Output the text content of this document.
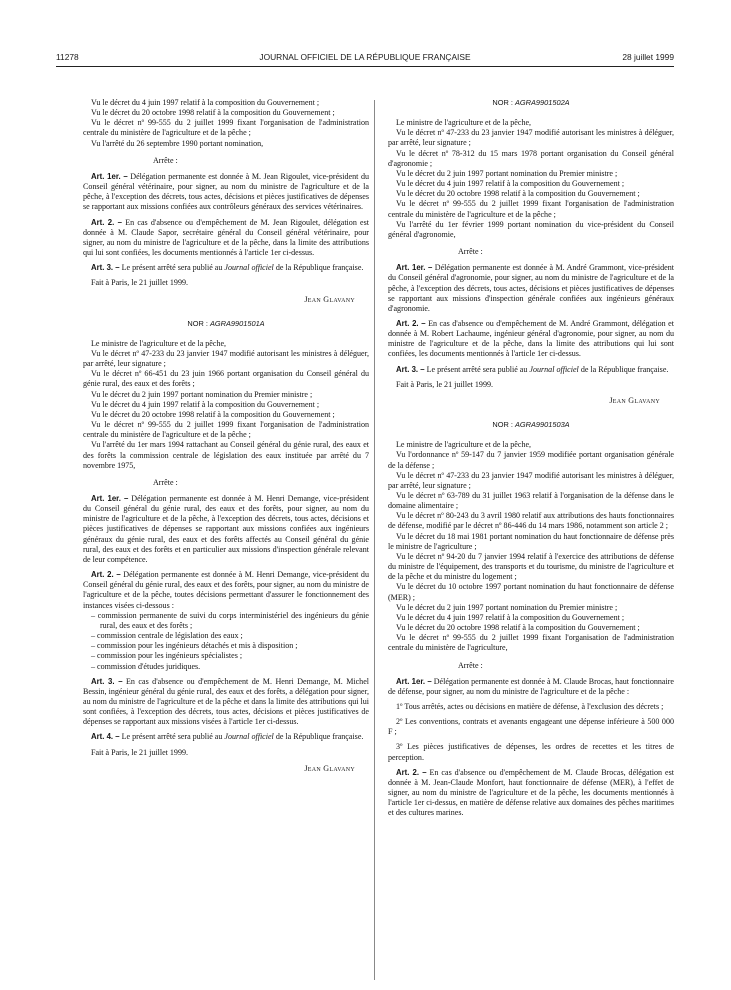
11278	JOURNAL OFFICIEL DE LA RÉPUBLIQUE FRANÇAISE	28 juillet 1999

Vu le décret du 4 juin 1997 relatif à la composition du Gouvernement ;

Vu le décret du 20 octobre 1998 relatif à la composition du Gouvernement ;

Vu le décret nº 99-555 du 2 juillet 1999 fixant l'organisation de l'administration centrale du ministère de l'agriculture et de la pêche ;

Vu l'arrêté du 26 septembre 1990 portant nomination,

Arrête :

Art. 1er. – Délégation permanente est donnée à M. Jean Rigoulet, vice-président du Conseil général vétérinaire, pour signer, au nom du ministre de l'agriculture et de la pêche, à l'exception des décrets, tous actes, décisions et pièces justificatives de dépenses se rapportant aux missions confiées aux contrôleurs généraux des services vétérinaires.

Art. 2. – En cas d'absence ou d'empêchement de M. Jean Rigoulet, délégation est donnée à M. Claude Sapor, secrétaire général du Conseil général vétérinaire, pour signer, au nom du ministre de l'agriculture et de la pêche, dans la limite des attributions qui lui sont confiées, les documents mentionnés à l'article 1er ci-dessus.

Art. 3. – Le présent arrêté sera publié au Journal officiel de la République française.

Fait à Paris, le 21 juillet 1999.

Jean Glavany

NOR : AGRA9901501A

Le ministre de l'agriculture et de la pêche,

Vu le décret nº 47-233 du 23 janvier 1947 modifié autorisant les ministres à déléguer, par arrêté, leur signature ;

Vu le décret nº 66-451 du 23 juin 1966 portant organisation du Conseil général du génie rural, des eaux et des forêts ;

Vu le décret du 2 juin 1997 portant nomination du Premier ministre ;

Vu le décret du 4 juin 1997 relatif à la composition du Gouvernement ;

Vu le décret du 20 octobre 1998 relatif à la composition du Gouvernement ;

Vu le décret nº 99-555 du 2 juillet 1999 fixant l'organisation de l'administration centrale du ministère de l'agriculture et de la pêche ;

Vu l'arrêté du 1er mars 1994 rattachant au Conseil général du génie rural, des eaux et des forêts la commission centrale de législation des eaux instituée par arrêté du 7 novembre 1975,

Arrête :

Art. 1er. – Délégation permanente est donnée à M. Henri Demange, vice-président du Conseil général du génie rural, des eaux et des forêts, pour signer, au nom du ministre de l'agriculture et de la pêche, à l'exception des décrets, tous actes, décisions et pièces justificatives de dépenses se rapportant aux missions confiées aux ingénieurs généraux du génie rural, des eaux et des forêts affectés au Conseil général du génie rural, des eaux et des forêts et en particulier aux missions d'inspection générale relevant de leur compétence.

Art. 2. – Délégation permanente est donnée à M. Henri Demange, vice-président du Conseil général du génie rural, des eaux et des forêts, pour signer, au nom du ministre de l'agriculture et de la pêche, toutes décisions permettant d'assurer le fonctionnement des instances visées ci-dessous :

– commission permanente de suivi du corps interministériel des ingénieurs du génie rural, des eaux et des forêts ;
– commission centrale de législation des eaux ;
– commission pour les ingénieurs détachés et mis à disposition ;
– commission pour les ingénieurs spécialistes ;
– commission d'études juridiques.

Art. 3. – En cas d'absence ou d'empêchement de M. Henri Demange, M. Michel Bessin, ingénieur général du génie rural, des eaux et des forêts, a délégation pour signer, au nom du ministre de l'agriculture et de la pêche et dans la limite des attributions qui lui sont confiées, à l'exception des décrets, tous actes, décisions et pièces justificatives de dépenses se rapportant aux missions visées à l'article 1er ci-dessus.

Art. 4. – Le présent arrêté sera publié au Journal officiel de la République française.

Fait à Paris, le 21 juillet 1999.

Jean Glavany

NOR : AGRA9901502A

Le ministre de l'agriculture et de la pêche,

Vu le décret nº 47-233 du 23 janvier 1947 modifié autorisant les ministres à déléguer, par arrêté, leur signature ;

Vu le décret nº 78-312 du 15 mars 1978 portant organisation du Conseil général d'agronomie ;

Vu le décret du 2 juin 1997 portant nomination du Premier ministre ;

Vu le décret du 4 juin 1997 relatif à la composition du Gouvernement ;

Vu le décret du 20 octobre 1998 relatif à la composition du Gouvernement ;

Vu le décret nº 99-555 du 2 juillet 1999 fixant l'organisation de l'administration centrale du ministère de l'agriculture et de la pêche ;

Vu l'arrêté du 1er février 1999 portant nomination du vice-président du Conseil général d'agronomie,

Arrête :

Art. 1er. – Délégation permanente est donnée à M. André Grammont, vice-président du Conseil général d'agronomie, pour signer, au nom du ministre de l'agriculture et de la pêche, à l'exception des décrets, tous actes, décisions et pièces justificatives de dépenses se rapportant aux missions d'inspection générale confiées aux ingénieurs généraux d'agronomie.

Art. 2. – En cas d'absence ou d'empêchement de M. André Grammont, délégation et donnée à M. Robert Lachaume, ingénieur général d'agronomie, pour signer, au nom du ministre de l'agriculture et de la pêche, dans la limite des attributions qui lui sont confiées, les documents mentionnés à l'article 1er ci-dessus.

Art. 3. – Le présent arrêté sera publié au Journal officiel de la République française.

Fait à Paris, le 21 juillet 1999.

Jean Glavany

NOR : AGRA9901503A

Le ministre de l'agriculture et de la pêche,

Vu l'ordonnance nº 59-147 du 7 janvier 1959 modifiée portant organisation générale de la défense ;

Vu le décret nº 47-233 du 23 janvier 1947 modifié autorisant les ministres à déléguer, par arrêté, leur signature ;

Vu le décret nº 63-789 du 31 juillet 1963 relatif à l'organisation de la défense dans le domaine alimentaire ;

Vu le décret nº 80-243 du 3 avril 1980 relatif aux attributions des hauts fonctionnaires de défense, modifié par le décret nº 86-446 du 14 mars 1986, notamment son article 2 ;

Vu le décret du 18 mai 1981 portant nomination du haut fonctionnaire de défense près le ministre de l'agriculture ;

Vu le décret nº 94-20 du 7 janvier 1994 relatif à l'exercice des attributions de défense du ministre de l'équipement, des transports et du tourisme, du ministre de l'agriculture et de la pêche et du ministre du logement ;

Vu le décret du 10 octobre 1997 portant nomination du haut fonctionnaire de défense (MER) ;

Vu le décret du 2 juin 1997 portant nomination du Premier ministre ;

Vu le décret du 4 juin 1997 relatif à la composition du Gouvernement ;

Vu le décret du 20 octobre 1998 relatif à la composition du Gouvernement ;

Vu le décret nº 99-555 du 2 juillet 1999 fixant l'organisation de l'administration centrale du ministère de l'agriculture,

Arrête :

Art. 1er. – Délégation permanente est donnée à M. Claude Brocas, haut fonctionnaire de défense, pour signer, au nom du ministre de l'agriculture et de la pêche :

1º Tous arrêtés, actes ou décisions en matière de défense, à l'exclusion des décrets ;

2º Les conventions, contrats et avenants engageant une dépense inférieure à 500 000 F ;

3º Les pièces justificatives de dépenses, les ordres de recettes et les titres de perception.

Art. 2. – En cas d'absence ou d'empêchement de M. Claude Brocas, délégation est donnée à M. Jean-Claude Monfort, haut fonctionnaire de défense (MER), à l'effet de signer, au nom du ministre de l'agriculture et de la pêche, les documents mentionnés à l'article 1er ci-dessus, en matière de défense relative aux domaines des pêches maritimes et des cultures marines.
